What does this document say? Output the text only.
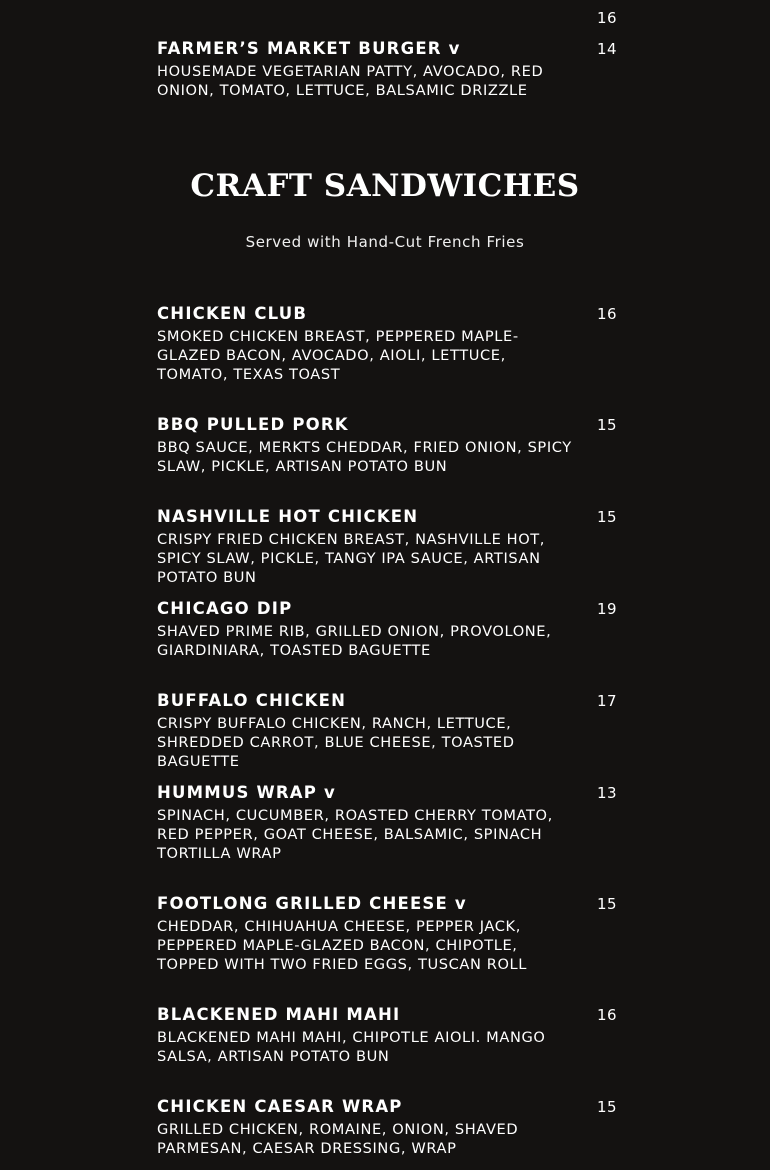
16

FARMER’S MARKET BURGER v	14

HOUSEMADE VEGETARIAN PATTY, AVOCADO, RED ONION, TOMATO, LETTUCE, BALSAMIC DRIZZLE

CRAFT SANDWICHES
Served with Hand-Cut French Fries

CHICKEN CLUB	16

SMOKED CHICKEN BREAST, PEPPERED MAPLE-GLAZED BACON, AVOCADO, AIOLI, LETTUCE, TOMATO, TEXAS TOAST

BBQ PULLED PORK	15

BBQ SAUCE, MERKTS CHEDDAR, FRIED ONION, SPICY SLAW, PICKLE, ARTISAN POTATO BUN

NASHVILLE HOT CHICKEN	15

CRISPY FRIED CHICKEN BREAST, NASHVILLE HOT, SPICY SLAW, PICKLE, TANGY IPA SAUCE, ARTISAN POTATO BUN

CHICAGO DIP	19

SHAVED PRIME RIB, GRILLED ONION, PROVOLONE, GIARDINIARA, TOASTED BAGUETTE

BUFFALO CHICKEN	17

CRISPY BUFFALO CHICKEN, RANCH, LETTUCE, SHREDDED CARROT, BLUE CHEESE, TOASTED BAGUETTE

HUMMUS WRAP v	13

SPINACH, CUCUMBER, ROASTED CHERRY TOMATO, RED PEPPER, GOAT CHEESE, BALSAMIC, SPINACH TORTILLA WRAP

FOOTLONG GRILLED CHEESE v	15

CHEDDAR, CHIHUAHUA CHEESE, PEPPER JACK, PEPPERED MAPLE-GLAZED BACON, CHIPOTLE, TOPPED WITH TWO FRIED EGGS, TUSCAN ROLL

BLACKENED MAHI MAHI	16

BLACKENED MAHI MAHI, CHIPOTLE AIOLI. MANGO SALSA, ARTISAN POTATO BUN

CHICKEN CAESAR WRAP	15

GRILLED CHICKEN, ROMAINE, ONION, SHAVED PARMESAN, CAESAR DRESSING, WRAP
